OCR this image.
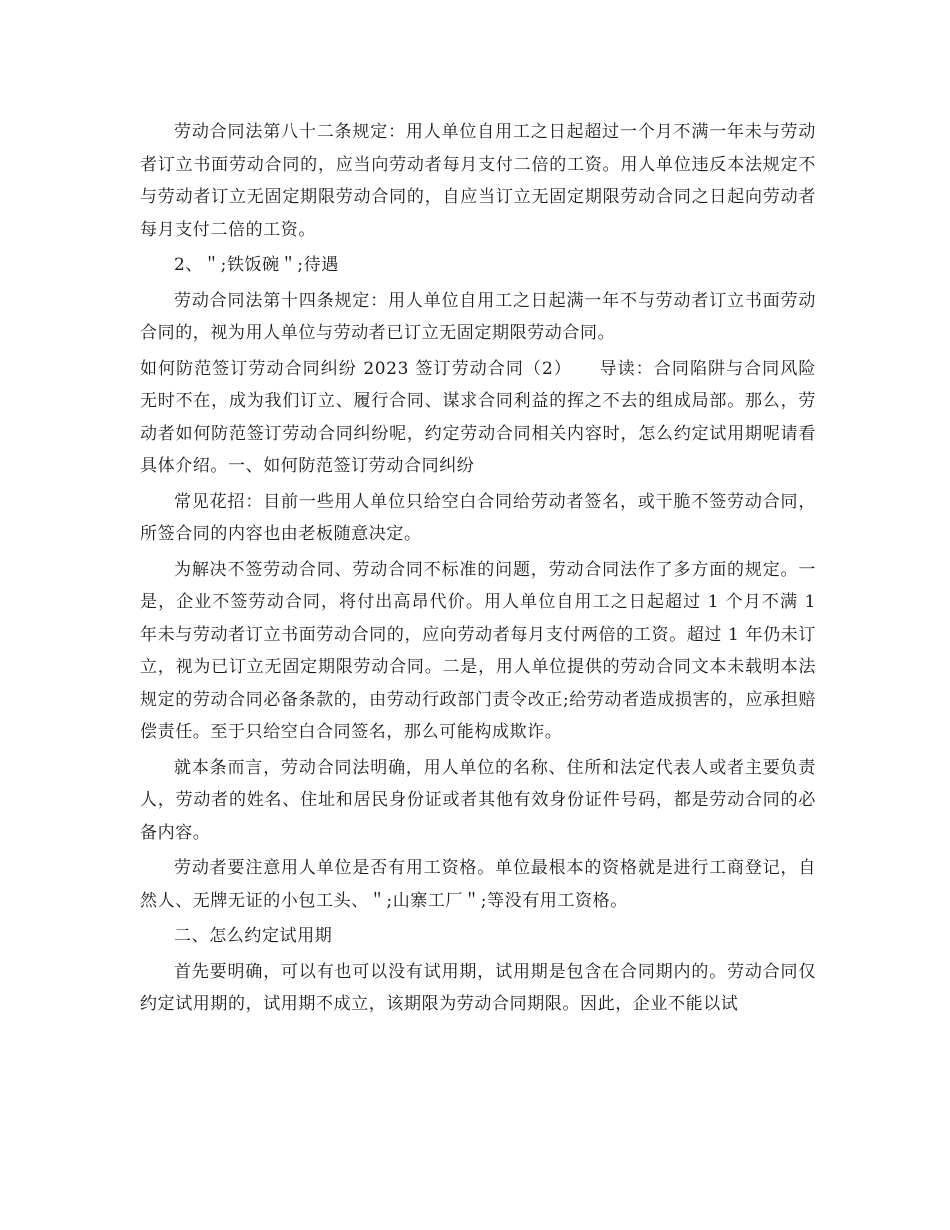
劳动合同法第八十二条规定：用人单位自用工之日起超过一个月不满一年未与劳动者订立书面劳动合同的，应当向劳动者每月支付二倍的工资。用人单位违反本法规定不与劳动者订立无固定期限劳动合同的，自应当订立无固定期限劳动合同之日起向劳动者每月支付二倍的工资。

2、＂;铁饭碗＂;待遇

劳动合同法第十四条规定：用人单位自用工之日起满一年不与劳动者订立书面劳动合同的，视为用人单位与劳动者已订立无固定期限劳动合同。

如何防范签订劳动合同纠纷 2023 签订劳动合同（2）　　导读：合同陷阱与合同风险无时不在，成为我们订立、履行合同、谋求合同利益的挥之不去的组成局部。那么，劳动者如何防范签订劳动合同纠纷呢，约定劳动合同相关内容时，怎么约定试用期呢请看具体介绍。一、如何防范签订劳动合同纠纷

常见花招：目前一些用人单位只给空白合同给劳动者签名，或干脆不签劳动合同，所签合同的内容也由老板随意决定。

为解决不签劳动合同、劳动合同不标准的问题，劳动合同法作了多方面的规定。一是，企业不签劳动合同，将付出高昂代价。用人单位自用工之日起超过 1 个月不满 1 年未与劳动者订立书面劳动合同的，应向劳动者每月支付两倍的工资。超过 1 年仍未订立，视为已订立无固定期限劳动合同。二是，用人单位提供的劳动合同文本未载明本法规定的劳动合同必备条款的，由劳动行政部门责令改正;给劳动者造成损害的，应承担赔偿责任。至于只给空白合同签名，那么可能构成欺诈。

就本条而言，劳动合同法明确，用人单位的名称、住所和法定代表人或者主要负责人，劳动者的姓名、住址和居民身份证或者其他有效身份证件号码，都是劳动合同的必备内容。

劳动者要注意用人单位是否有用工资格。单位最根本的资格就是进行工商登记，自然人、无牌无证的小包工头、＂;山寨工厂＂;等没有用工资格。

二、怎么约定试用期

首先要明确，可以有也可以没有试用期，试用期是包含在合同期内的。劳动合同仅约定试用期的，试用期不成立，该期限为劳动合同期限。因此，企业不能以试
